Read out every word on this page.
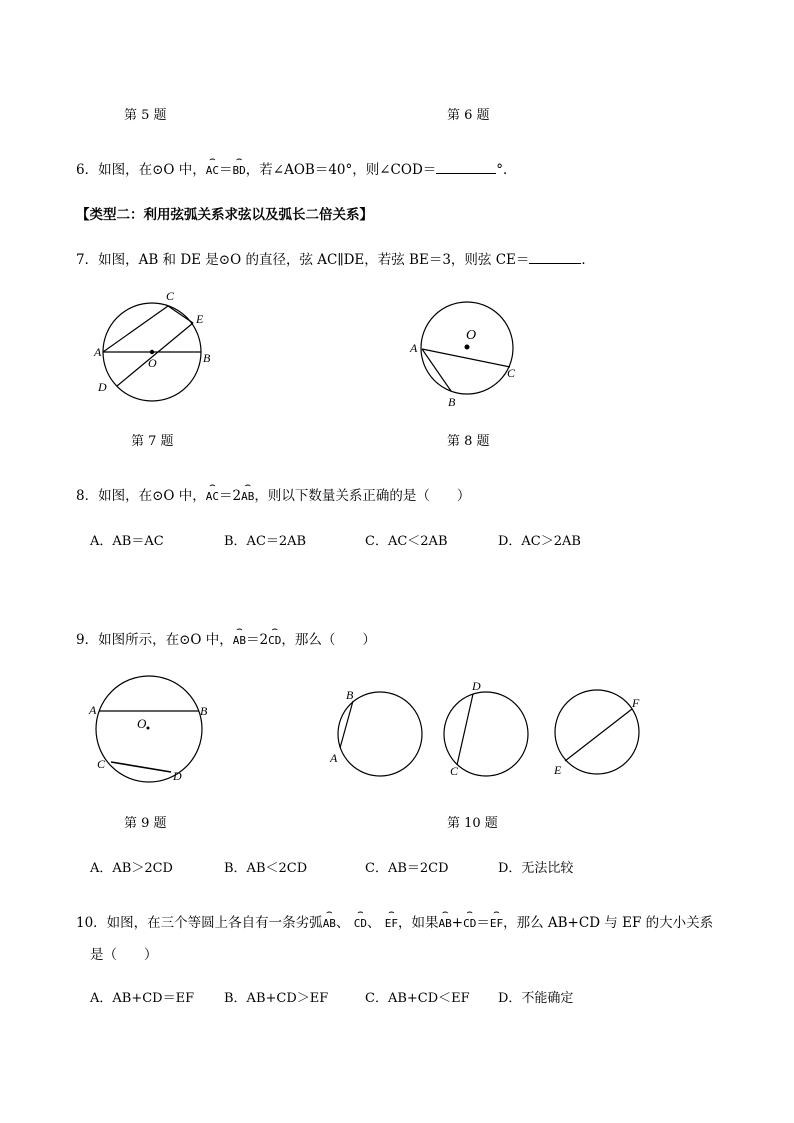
第 5 题	第 6 题
6．如图，在⊙O 中，⌢ AC＝⌢ BD，若∠AOB＝40°，则∠COD＝	°．
【类型二：利用弦弧关系求弦以及弧长二倍关系】
7．如图，AB 和 DE 是⊙O 的直径，弦 AC∥DE，若弦 BE＝3，则弦 CE＝	．
A	B
C
D
E
O
A
B
C
O
第 7 题	第 8 题
8．如图，在⊙O 中，⌢ AC＝2⌢ AB，则以下数量关系正确的是（　　）
A．AB＝AC	B．AC＝2AB	C．AC＜2AB	D．AC＞2AB
9．如图所示，在⊙O 中，⌢ AB＝2⌢ CD，那么（　　）
A	B
C
D
O
B
A
D
C
F
E
第 9 题	第 10 题
A．AB＞2CD	B．AB＜2CD	C．AB＝2CD	D．无法比较
10．如图，在三个等圆上各自有一条劣弧⌢ AB、 ⌢ CD、 ⌢ EF，如果⌢ AB+⌢ CD＝⌢ EF，那么 AB+CD 与 EF 的大小关系
是（　　）
A．AB+CD＝EF B．AB+CD＞EF	C．AB+CD＜EF D．不能确定
